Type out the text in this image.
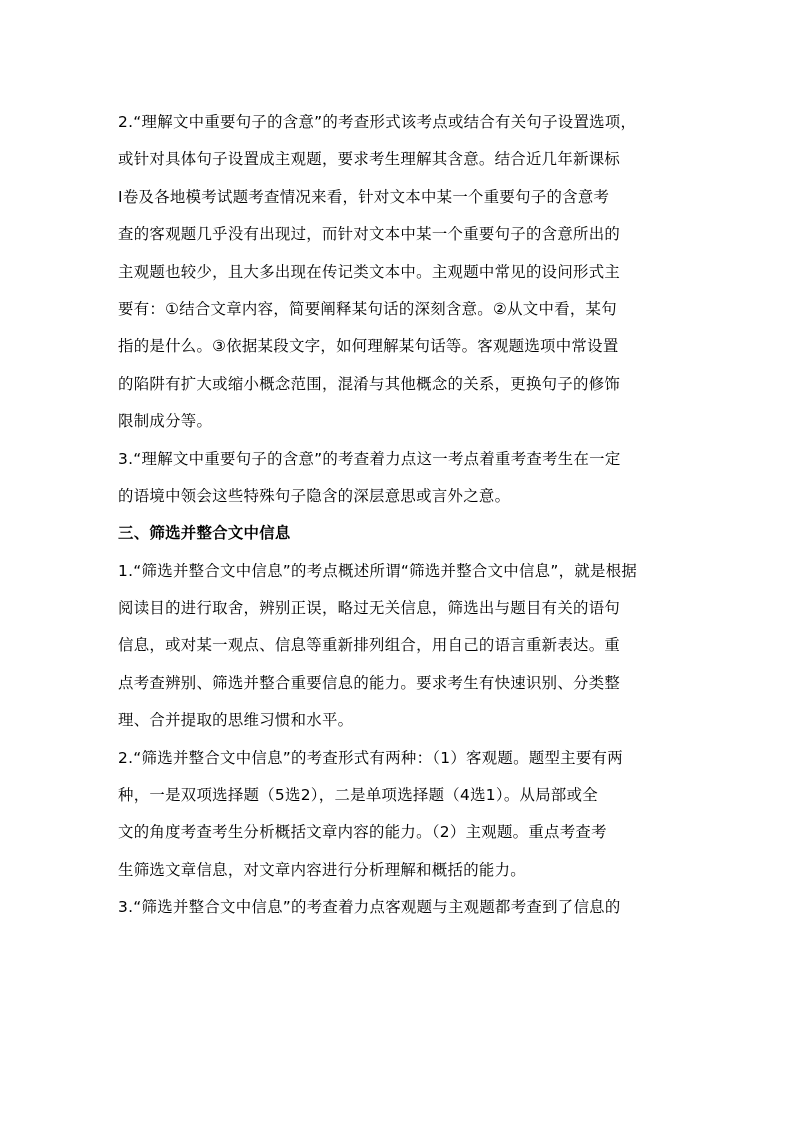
2.“理解文中重要句子的含意”的考查形式该考点或结合有关句子设置选项，
或针对具体句子设置成主观题，要求考生理解其含意。结合近几年新课标
Ⅰ卷及各地模考试题考查情况来看，针对文本中某一个重要句子的含意考
查的客观题几乎没有出现过，而针对文本中某一个重要句子的含意所出的
主观题也较少，且大多出现在传记类文本中。主观题中常见的设问形式主
要有：①结合文章内容，简要阐释某句话的深刻含意。②从文中看，某句
指的是什么。③依据某段文字，如何理解某句话等。客观题选项中常设置
的陷阱有扩大或缩小概念范围，混淆与其他概念的关系，更换句子的修饰
限制成分等。
3.“理解文中重要句子的含意”的考查着力点这一考点着重考查考生在一定
的语境中领会这些特殊句子隐含的深层意思或言外之意。
三、筛选并整合文中信息
1.“筛选并整合文中信息”的考点概述所谓“筛选并整合文中信息”，就是根据
阅读目的进行取舍，辨别正误，略过无关信息，筛选出与题目有关的语句
信息，或对某一观点、信息等重新排列组合，用自己的语言重新表达。重
点考查辨别、筛选并整合重要信息的能力。要求考生有快速识别、分类整
理、合并提取的思维习惯和水平。
2.“筛选并整合文中信息”的考查形式有两种：（1）客观题。题型主要有两
种，一是双项选择题（5选2），二是单项选择题（4选1）。从局部或全
文的角度考查考生分析概括文章内容的能力。（2）主观题。重点考查考
生筛选文章信息，对文章内容进行分析理解和概括的能力。
3.“筛选并整合文中信息”的考查着力点客观题与主观题都考查到了信息的
